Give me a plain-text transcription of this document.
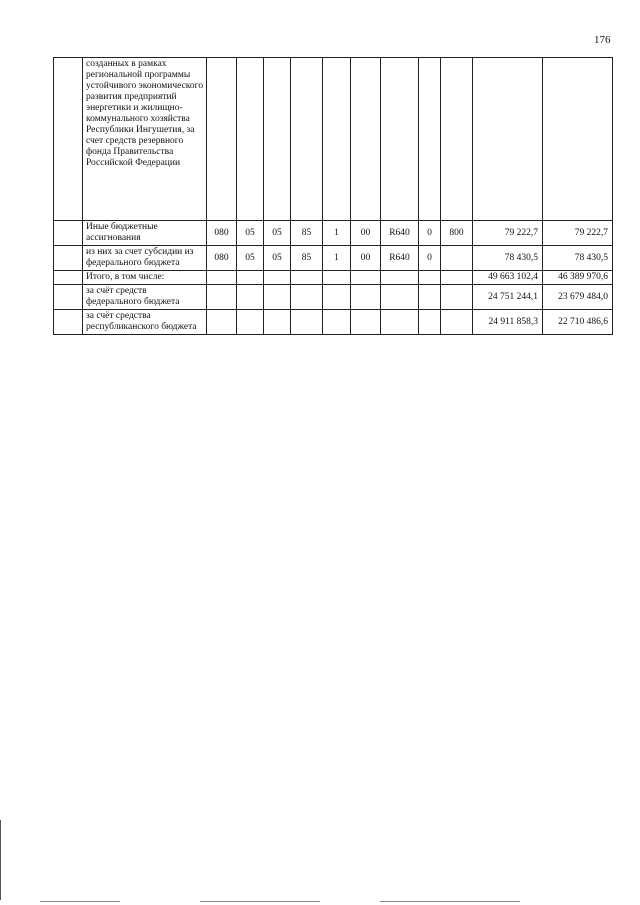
176
	созданных в рамках региональной программы устойчивого экономического развития предприятий энергетики и жилищно-коммунального хозяйства Республики Ингушетия, за счет средств резервного фонда Правительства Российской Федерации											
	Иные бюджетные ассигнования	080	05	05	85	1	00	R640	0	800	79 222,7	79 222,7
	из них за счет субсидии из федерального бюджета	080	05	05	85	1	00	R640	0		78 430,5	78 430,5
	Итого, в том числе:										49 663 102,4	46 389 970,6
	за счёт средств федерального бюджета										24 751 244,1	23 679 484,0
	за счёт средства республиканского бюджета										24 911 858,3	22 710 486,6
